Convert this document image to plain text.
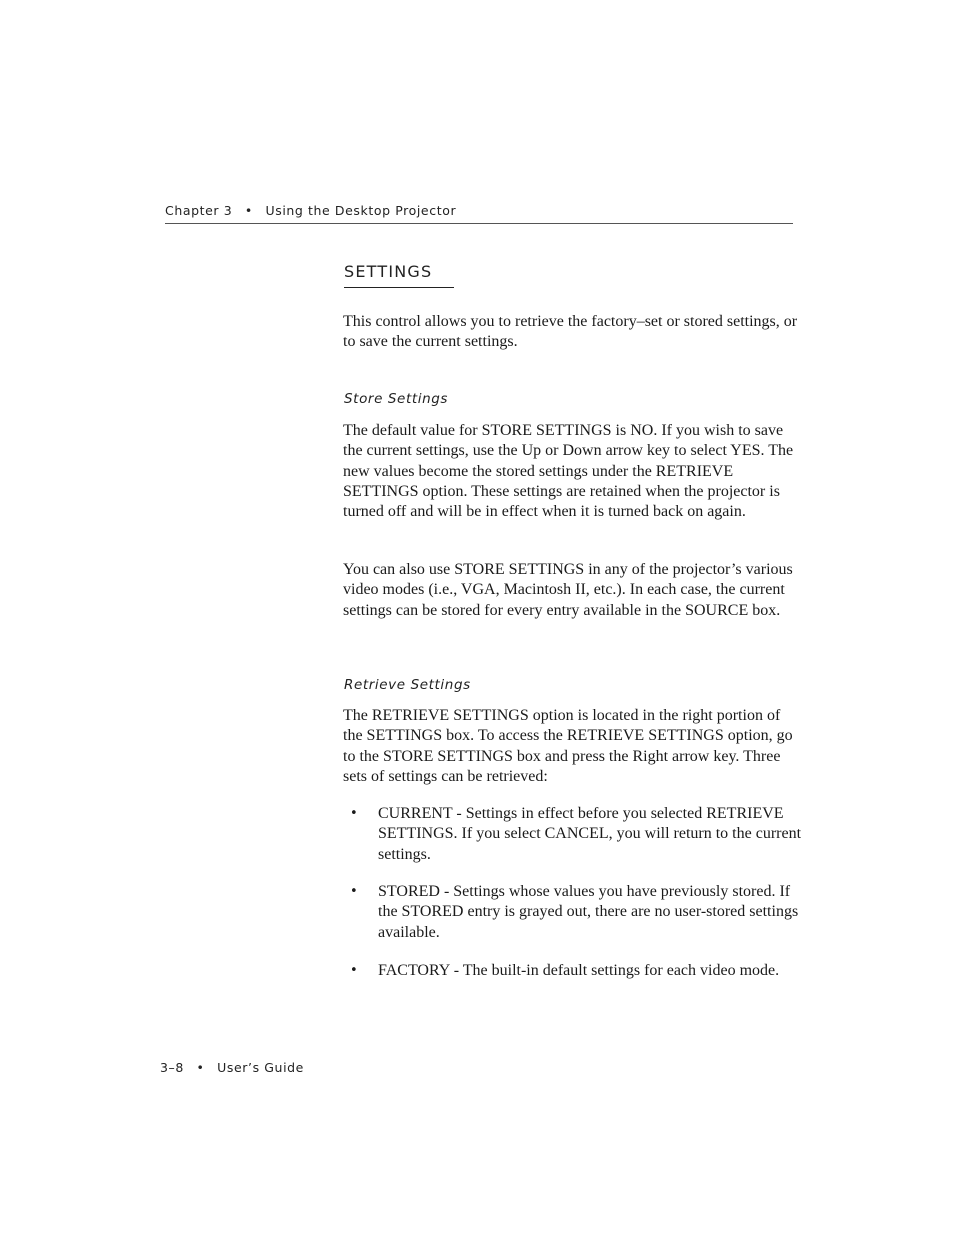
Chapter 3 • Using the Desktop Projector
SETTINGS

This control allows you to retrieve the factory–set or stored settings, or to save the current settings.

Store Settings

The default value for STORE SETTINGS is NO. If you wish to save the current settings, use the Up or Down arrow key to select YES. The new values become the stored settings under the RETRIEVE SETTINGS option. These settings are retained when the projector is turned off and will be in effect when it is turned back on again.

You can also use STORE SETTINGS in any of the projector’s various video modes (i.e., VGA, Macintosh II, etc.). In each case, the current settings can be stored for every entry available in the SOURCE box.

Retrieve Settings

The RETRIEVE SETTINGS option is located in the right portion of the SETTINGS box. To access the RETRIEVE SETTINGS option, go to the STORE SETTINGS box and press the Right arrow key. Three sets of settings can be retrieved:

• CURRENT - Settings in effect before you selected RETRIEVE SETTINGS. If you select CANCEL, you will return to the current settings.

• STORED - Settings whose values you have previously stored. If the STORED entry is grayed out, there are no user-stored settings available.

• FACTORY - The built-in default settings for each video mode.

3–8 • User’s Guide
